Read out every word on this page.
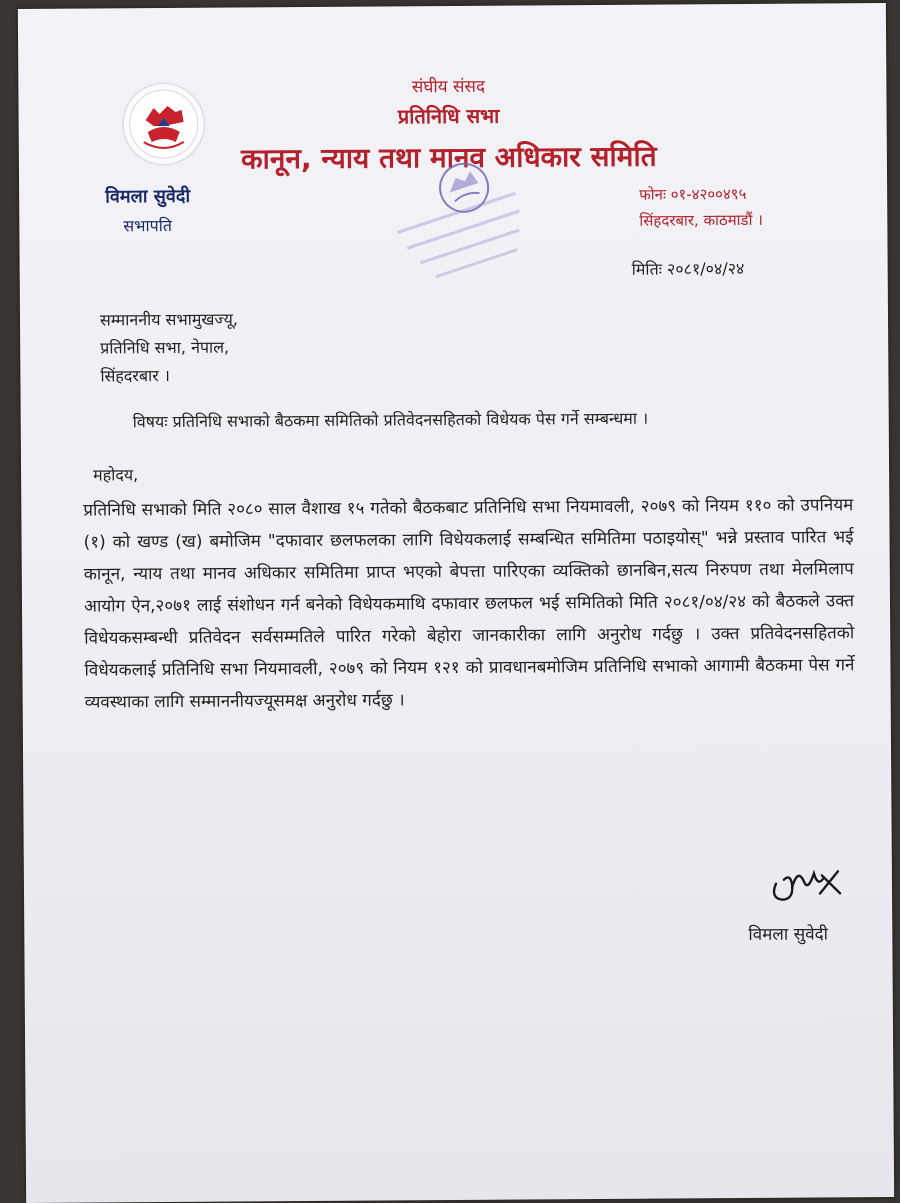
संघीय संसद
प्रतिनिधि सभा
कानून, न्याय तथा मानव अधिकार समिति
विमला सुवेदी
सभापति
फोनः ०१-४२००४९५
सिंहदरबार, काठमाडौं ।
मितिः २०८१/०४/२४
सम्माननीय सभामुखज्यू,
प्रतिनिधि सभा, नेपाल,
सिंहदरबार ।
विषयः प्रतिनिधि सभाको बैठकमा समितिको प्रतिवेदनसहितको विधेयक पेस गर्ने सम्बन्धमा ।
महोदय,
प्रतिनिधि सभाको मिति २०८० साल वैशाख १५ गतेको बैठकबाट प्रतिनिधि सभा नियमावली, २०७९ को नियम ११० को उपनियम (१) को खण्ड (ख) बमोजिम "दफावार छलफलका लागि विधेयकलाई सम्बन्धित समितिमा पठाइयोस्" भन्ने प्रस्ताव पारित भई कानून, न्याय तथा मानव अधिकार समितिमा प्राप्त भएको बेपत्ता पारिएका व्यक्तिको छानबिन,सत्य निरुपण तथा मेलमिलाप आयोग ऐन,२०७१ लाई संशोधन गर्न बनेको विधेयकमाथि दफावार छलफल भई समितिको मिति २०८१/०४/२४ को बैठकले उक्त विधेयकसम्बन्धी प्रतिवेदन सर्वसम्मतिले पारित गरेको बेहोरा जानकारीका लागि अनुरोध गर्दछु । उक्त प्रतिवेदनसहितको विधेयकलाई प्रतिनिधि सभा नियमावली, २०७९ को नियम १२१ को प्रावधानबमोजिम प्रतिनिधि सभाको आगामी बैठकमा पेस गर्ने व्यवस्थाका लागि सम्माननीयज्यूसमक्ष अनुरोध गर्दछु ।
विमला सुवेदी
